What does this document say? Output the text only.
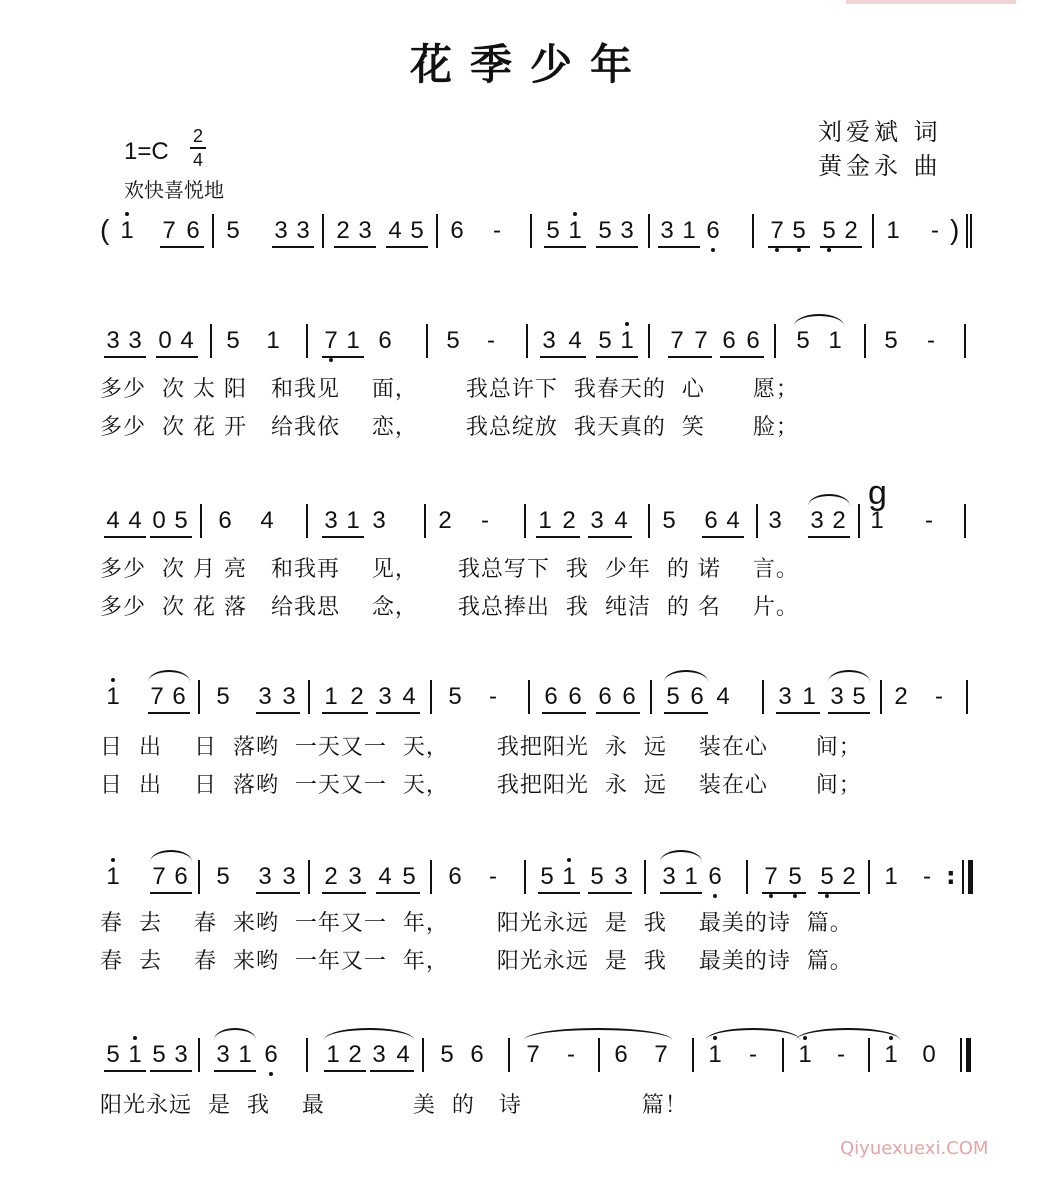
花季少年
刘爱斌 词
黄金永 曲
1=C
2
4
欢快喜悦地
1 7 6 5 3 3 2 3 4 5 6 - 5 1 5 3 3 1 6 7 5 5 2 1 -
3 3 0 4 5 1 7 1 6 5 - 3 4 5 1 7 7 6 6 5 1 5 -
多少  次 太 阳   和我见    面，      我总许下  我春天的  心      愿；
多少  次 花 开   给我依    恋，      我总绽放  我天真的  笑      脸；
4 4 0 5 6 4 3 1 3 2 - 1 2 3 4 5 6 4 3 3 2 1 -
多少  次 月 亮   和我再    见，     我总写下  我  少年  的 诺    言。
多少  次 花 落   给我思    念，     我总捧出  我  纯洁  的 名    片。
1 7 6 5 3 3 1 2 3 4 5 - 6 6 6 6 5 6 4 3 1 3 5 2 -
日  出    日  落哟  一天又一  天，      我把阳光  永  远    装在心      间；
日  出    日  落哟  一天又一  天，      我把阳光  永  远    装在心      间；
1 7 6 5 3 3 2 3 4 5 6 - 5 1 5 3 3 1 6 7 5 5 2 1 -
春  去    春  来哟  一年又一  年，      阳光永远  是  我    最美的诗  篇。
春  去    春  来哟  一年又一  年，      阳光永远  是  我    最美的诗  篇。
5 1 5 3 3 1 6 1 2 3 4 5 6 7 - 6 7 1 - 1 - 1 0
阳光永远  是  我    最           美  的   诗               篇！
(	)
:
g
Qiyuexuexi.COM
